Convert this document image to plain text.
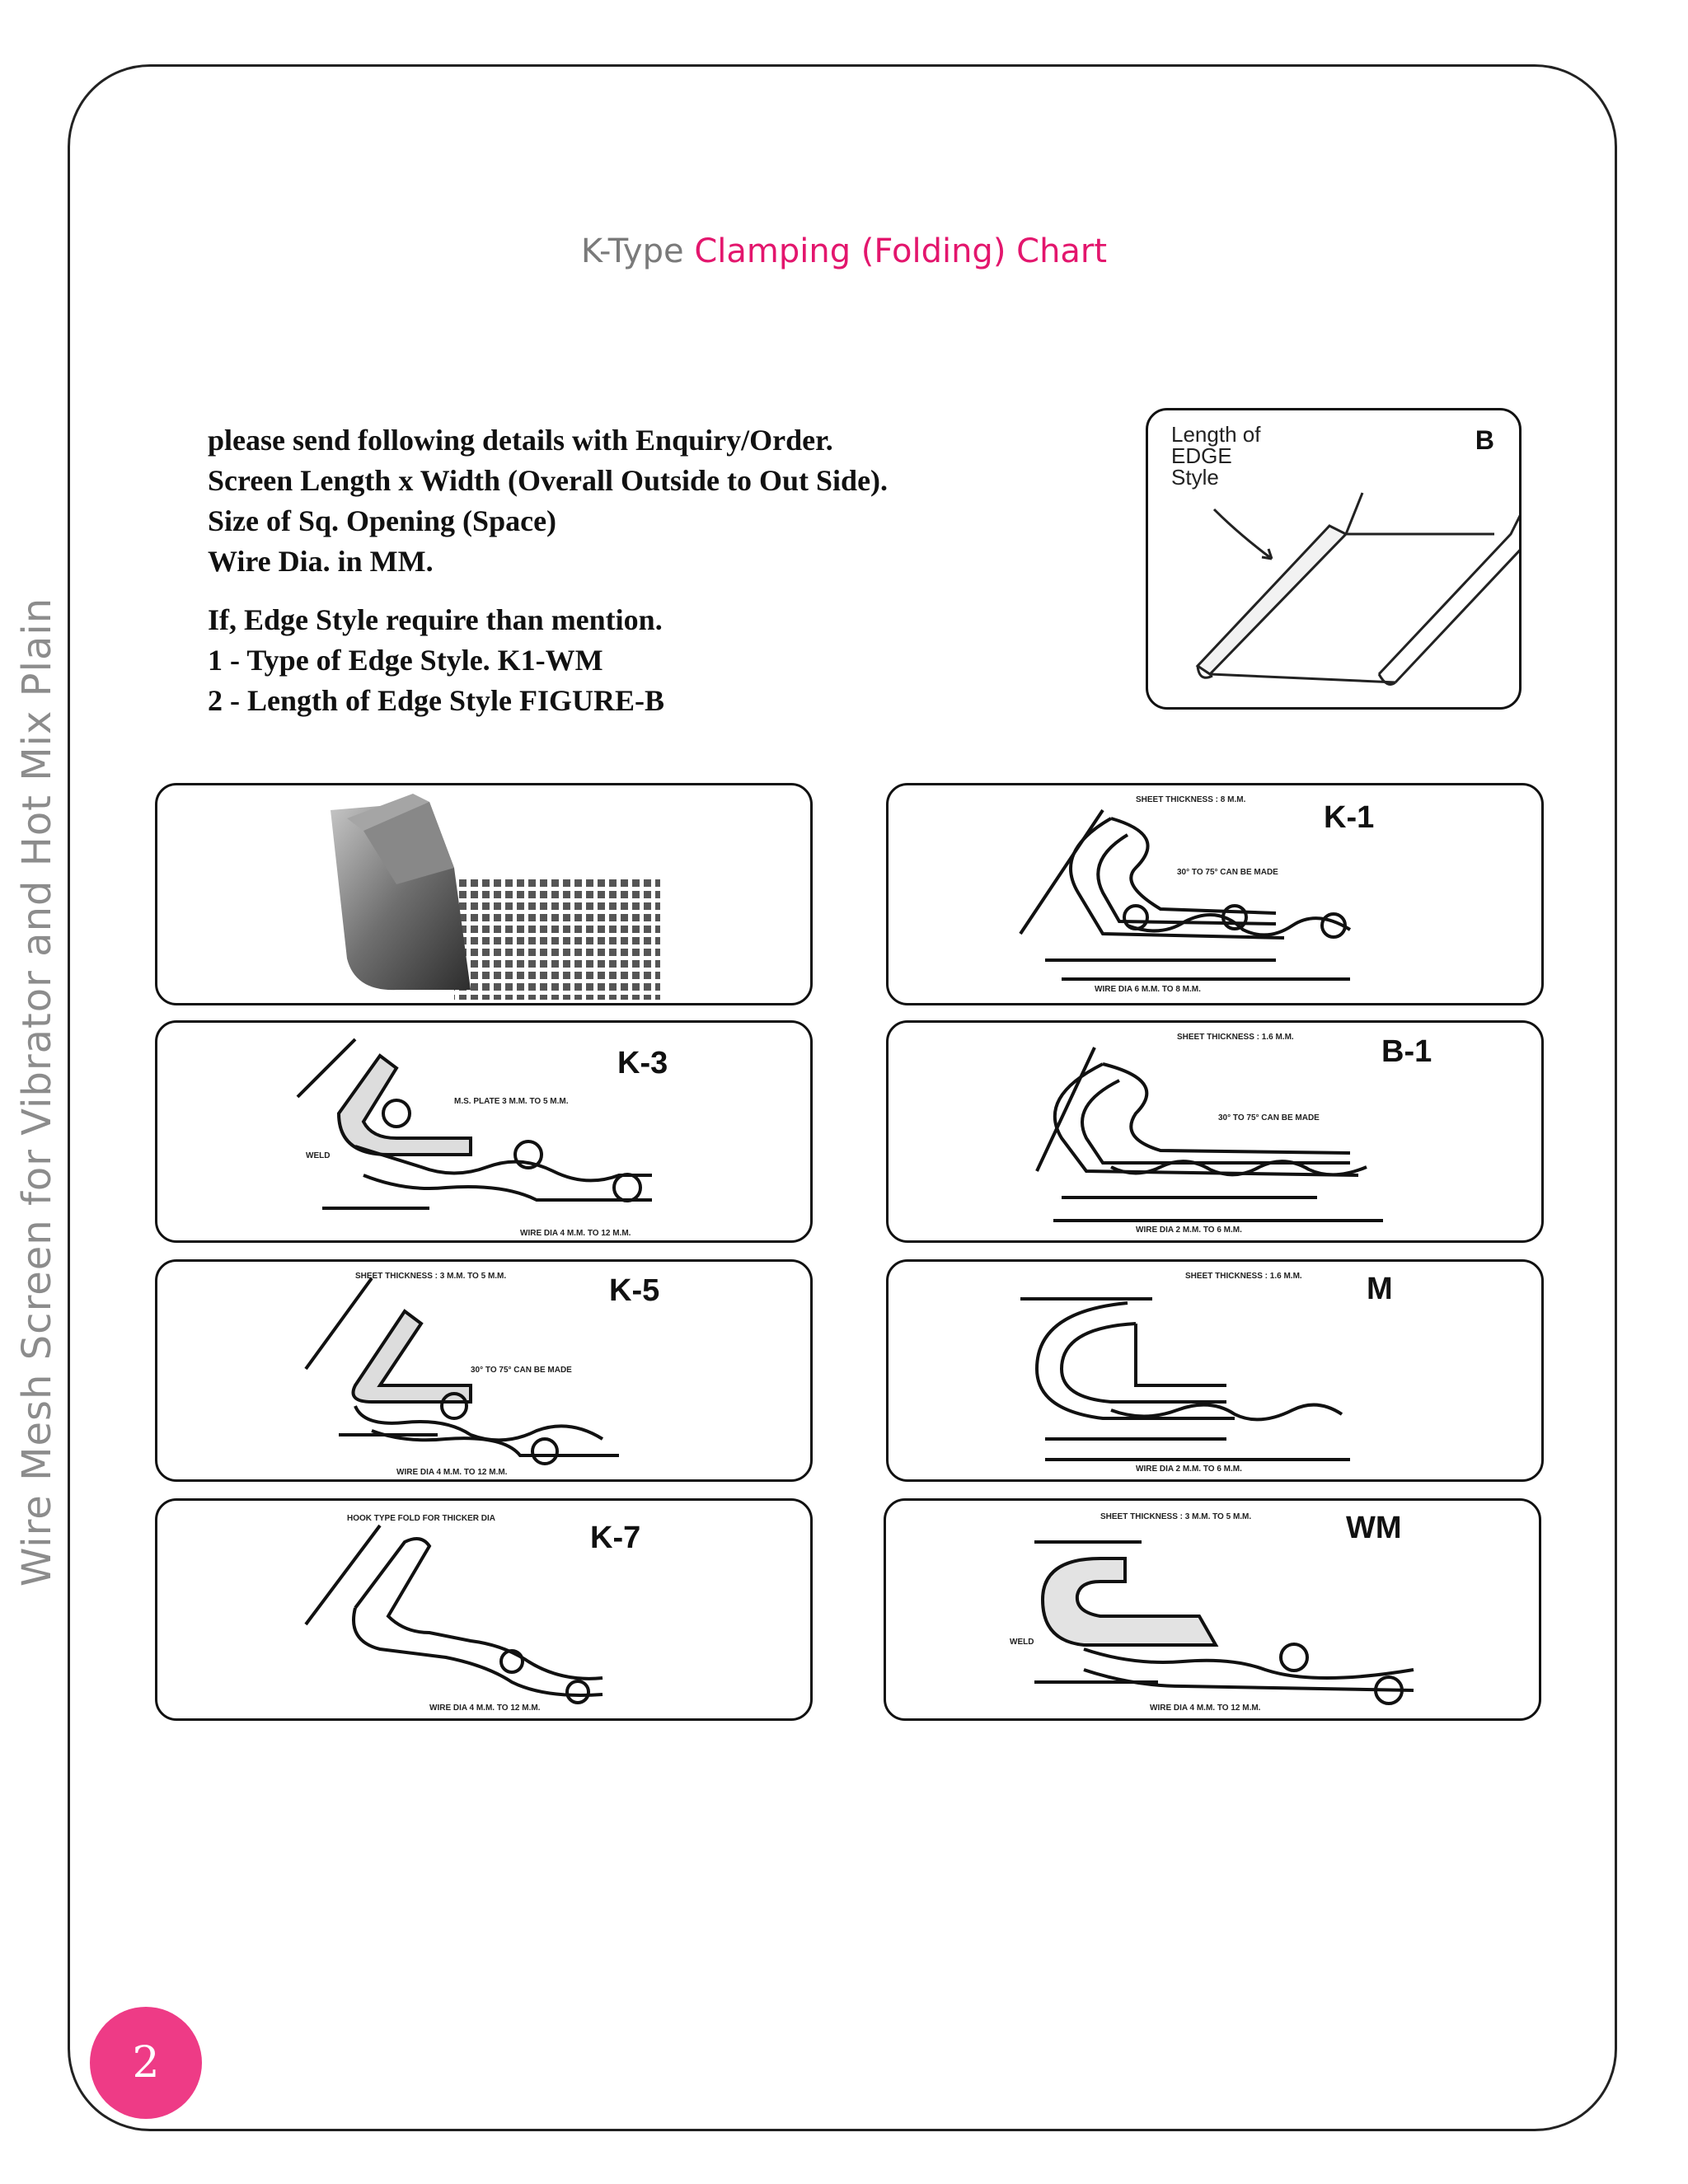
Wire Mesh Screen for Vibrator and Hot Mix Plain
K-Type Clamping (Folding) Chart
please send following details with Enquiry/Order.
Screen Length x Width (Overall Outside to Out Side).
Size of Sq. Opening (Space)
Wire Dia. in MM.
If, Edge Style require than mention.
1 - Type of Edge Style. K1-WM
2 - Length of Edge Style FIGURE-B
Length of
EDGE
Style
B
K-1
SHEET THICKNESS : 8 M.M.
30° TO 75° CAN BE MADE
WIRE DIA 6 M.M. TO 8 M.M.
K-3
M.S. PLATE 3 M.M. TO 5 M.M.
WELD
WIRE DIA 4 M.M. TO 12 M.M.
B-1
SHEET THICKNESS : 1.6 M.M.
30° TO 75° CAN BE MADE
WIRE DIA 2 M.M. TO 6 M.M.
K-5
SHEET THICKNESS : 3 M.M. TO 5 M.M.
30° TO 75° CAN BE MADE
WIRE DIA 4 M.M. TO 12 M.M.
M
SHEET THICKNESS : 1.6 M.M.
WIRE DIA 2 M.M. TO 6 M.M.
K-7
HOOK TYPE FOLD FOR THICKER DIA
WIRE DIA 4 M.M. TO 12 M.M.
WM
SHEET THICKNESS : 3 M.M. TO 5 M.M.
WELD
WIRE DIA 4 M.M. TO 12 M.M.
2
